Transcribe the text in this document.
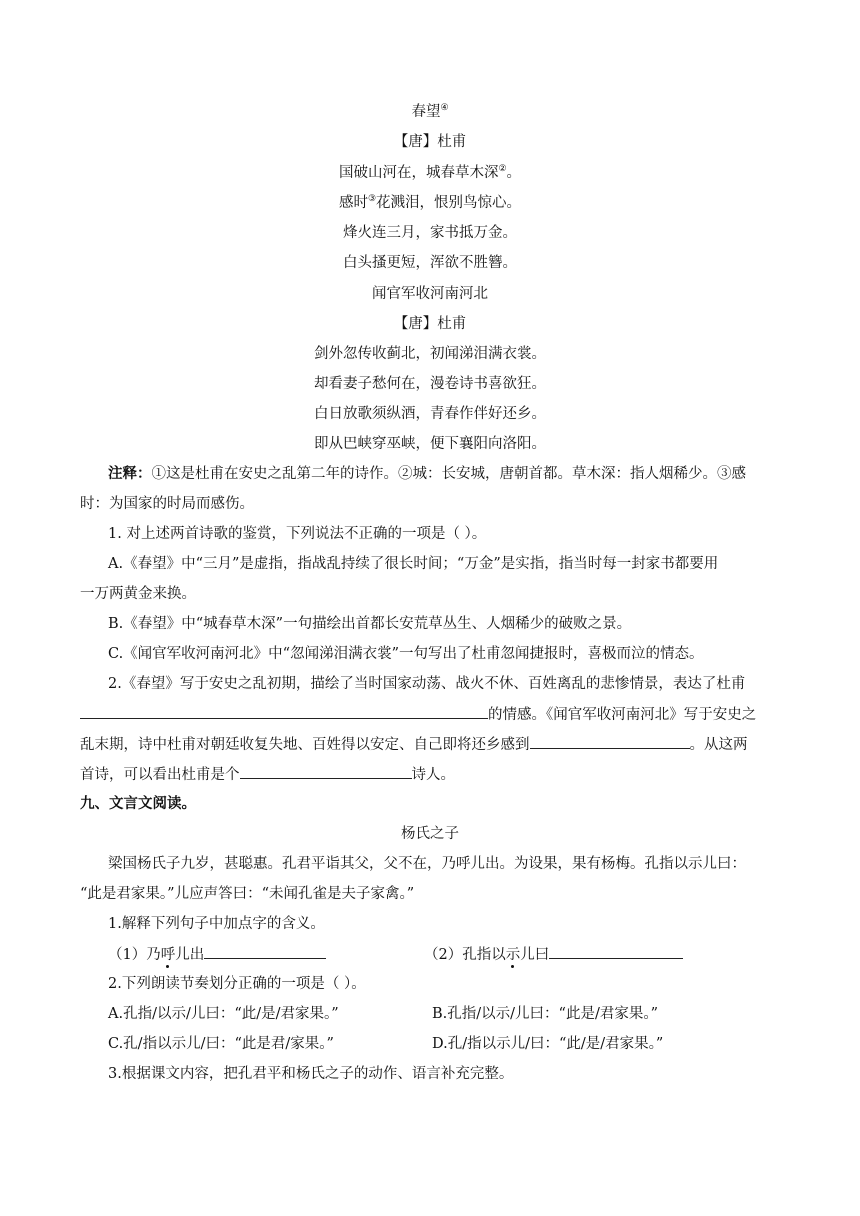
春望④
【唐】杜甫
国破山河在，城春草木深②。
感时③花溅泪，恨别鸟惊心。
烽火连三月，家书抵万金。
白头搔更短，浑欲不胜簪。
闻官军收河南河北
【唐】杜甫
剑外忽传收蓟北，初闻涕泪满衣裳。
却看妻子愁何在，漫卷诗书喜欲狂。
白日放歌须纵酒，青春作伴好还乡。
即从巴峡穿巫峡，便下襄阳向洛阳。
注释：①这是杜甫在安史之乱第二年的诗作。②城：长安城，唐朝首都。草木深：指人烟稀少。③感
时：为国家的时局而感伤。
1. 对上述两首诗歌的鉴赏，下列说法不正确的一项是（ ）。
A.《春望》中“三月”是虚指，指战乱持续了很长时间；“万金”是实指，指当时每一封家书都要用
一万两黄金来换。
B.《春望》中“城春草木深”一句描绘出首都长安荒草丛生、人烟稀少的破败之景。
C.《闻官军收河南河北》中“忽闻涕泪满衣裳”一句写出了杜甫忽闻捷报时，喜极而泣的情态。
2.《春望》写于安史之乱初期，描绘了当时国家动荡、战火不休、百姓离乱的悲惨情景，表达了杜甫
的情感。《闻官军收河南河北》写于安史之
乱末期，诗中杜甫对朝廷收复失地、百姓得以安定、自己即将还乡感到	。从这两
首诗，可以看出杜甫是个	诗人。
九、文言文阅读。
杨氏之子
梁国杨氏子九岁，甚聪惠。孔君平诣其父，父不在，乃呼儿出。为设果，果有杨梅。孔指以示儿曰：
“此是君家果。”儿应声答曰：“未闻孔雀是夫子家禽。”
1.解释下列句子中加点字的含义。
（1）乃呼儿出	（2）孔指以示儿曰
2.下列朗读节奏划分正确的一项是（ ）。
A.孔指/以示/儿曰：“此/是/君家果。”	B.孔指/以示/儿曰：“此是/君家果。”
C.孔/指以示儿/曰：“此是君/家果。”	D.孔/指以示儿/曰：“此/是/君家果。”
3.根据课文内容，把孔君平和杨氏之子的动作、语言补充完整。
